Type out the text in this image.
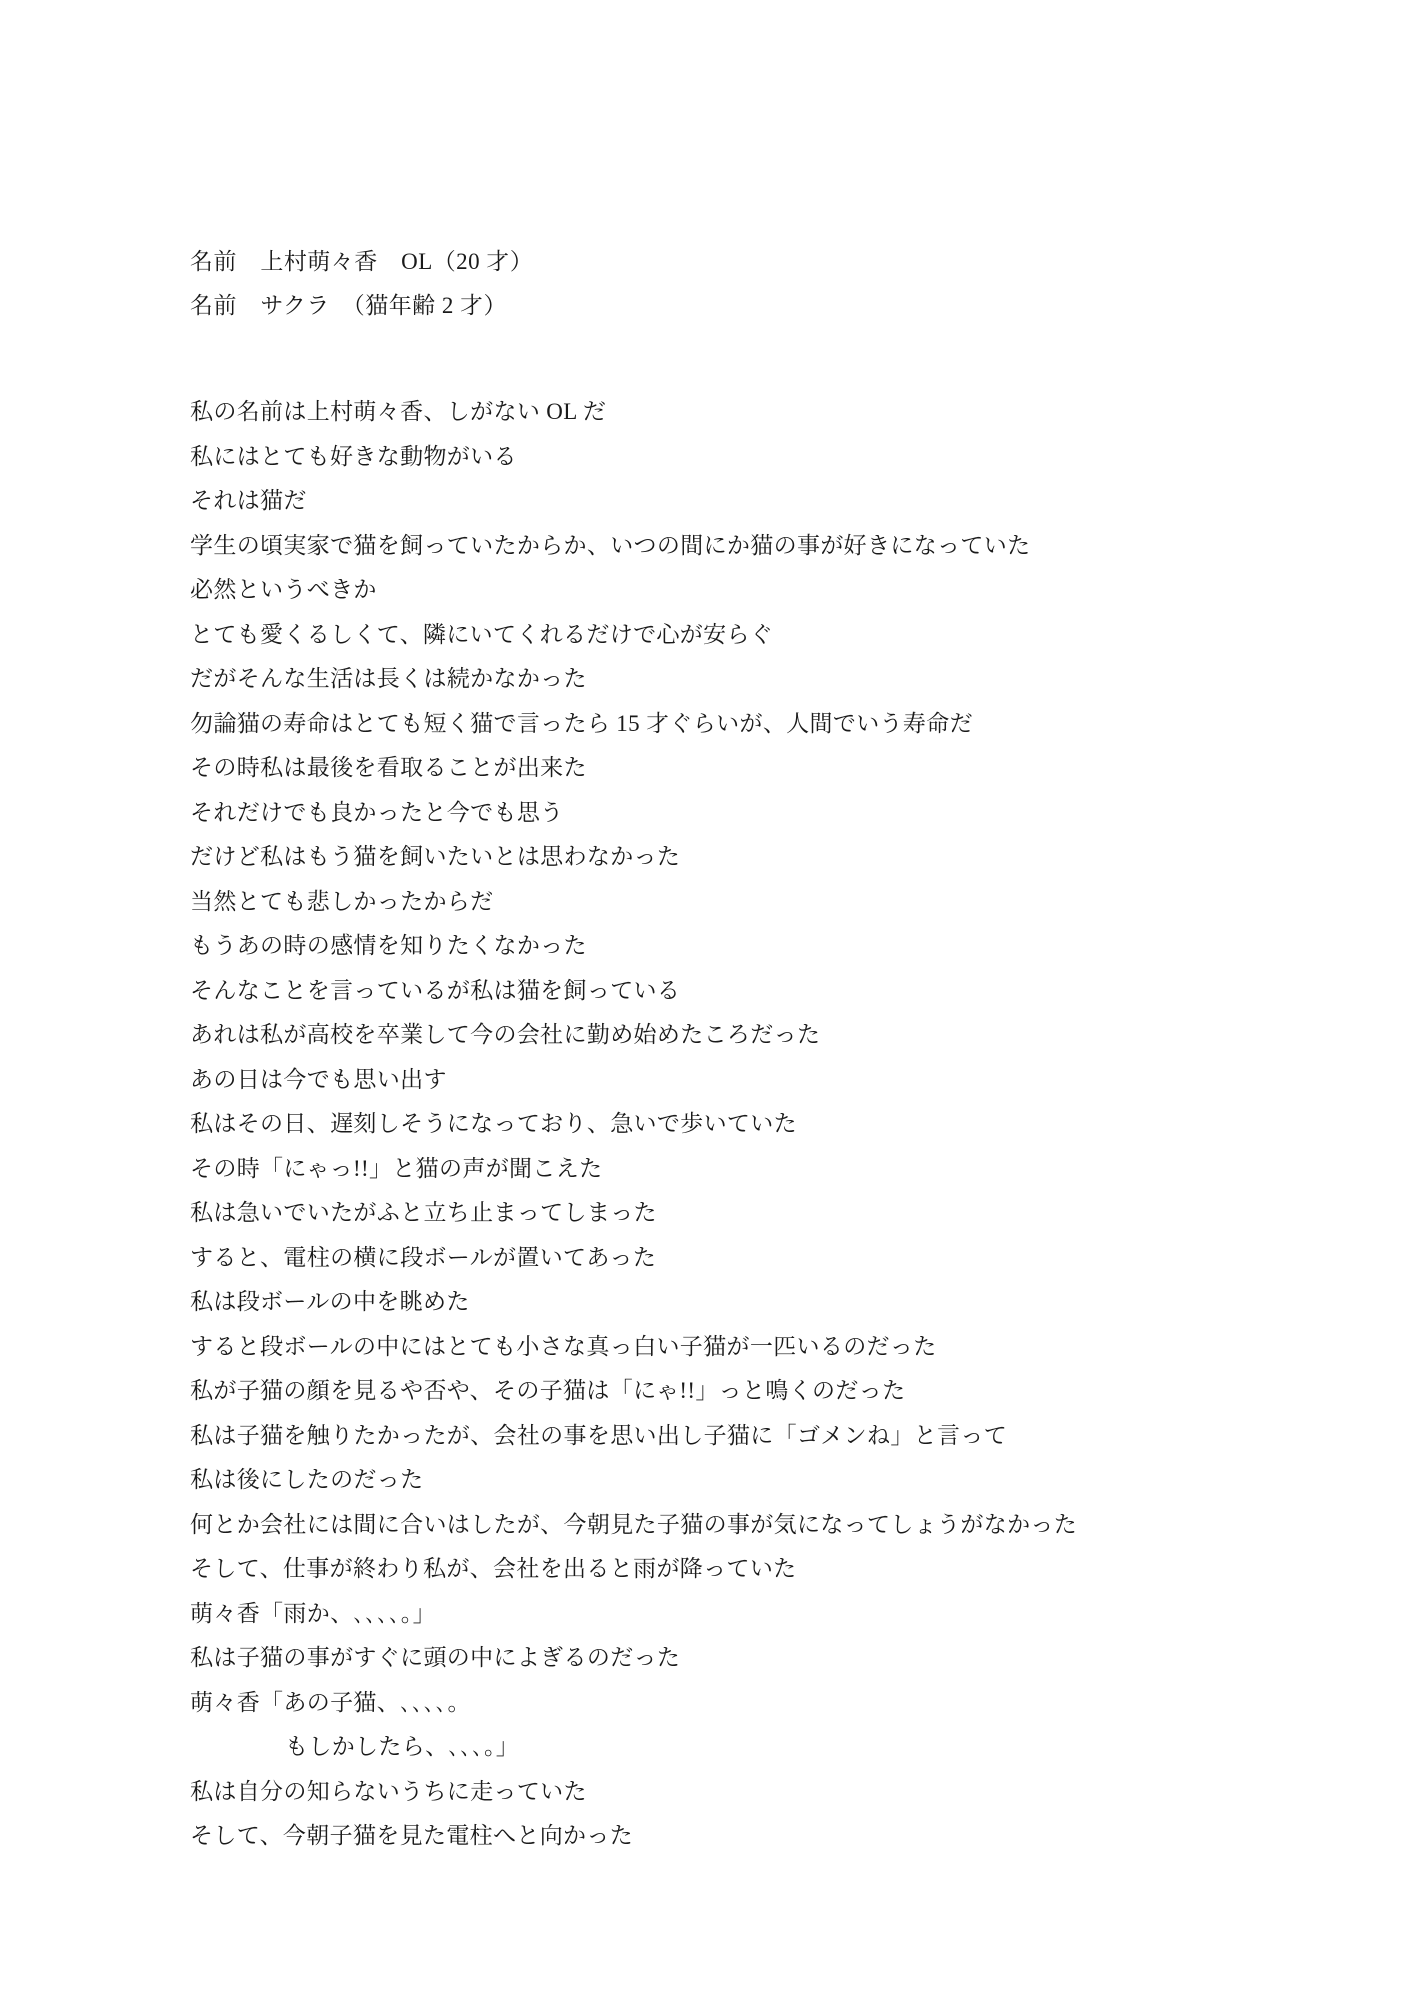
名前　上村萌々香　OL（20 才）
名前　サクラ　（猫年齢 2 才）
私の名前は上村萌々香、しがない OL だ
私にはとても好きな動物がいる
それは猫だ
学生の頃実家で猫を飼っていたからか、いつの間にか猫の事が好きになっていた
必然というべきか
とても愛くるしくて、隣にいてくれるだけで心が安らぐ
だがそんな生活は長くは続かなかった
勿論猫の寿命はとても短く猫で言ったら 15 才ぐらいが、人間でいう寿命だ
その時私は最後を看取ることが出来た
それだけでも良かったと今でも思う
だけど私はもう猫を飼いたいとは思わなかった
当然とても悲しかったからだ
もうあの時の感情を知りたくなかった
そんなことを言っているが私は猫を飼っている
あれは私が高校を卒業して今の会社に勤め始めたころだった
あの日は今でも思い出す
私はその日、遅刻しそうになっており、急いで歩いていた
その時「にゃっ!!」と猫の声が聞こえた
私は急いでいたがふと立ち止まってしまった
すると、電柱の横に段ボールが置いてあった
私は段ボールの中を眺めた
すると段ボールの中にはとても小さな真っ白い子猫が一匹いるのだった
私が子猫の顔を見るや否や、その子猫は「にゃ!!」っと鳴くのだった
私は子猫を触りたかったが、会社の事を思い出し子猫に「ゴメンね」と言って
私は後にしたのだった
何とか会社には間に合いはしたが、今朝見た子猫の事が気になってしょうがなかった
そして、仕事が終わり私が、会社を出ると雨が降っていた
萌々香「雨か、､､､､｡」
私は子猫の事がすぐに頭の中によぎるのだった
萌々香「あの子猫、､､､､｡
もしかしたら、､､､｡」
私は自分の知らないうちに走っていた
そして、今朝子猫を見た電柱へと向かった
